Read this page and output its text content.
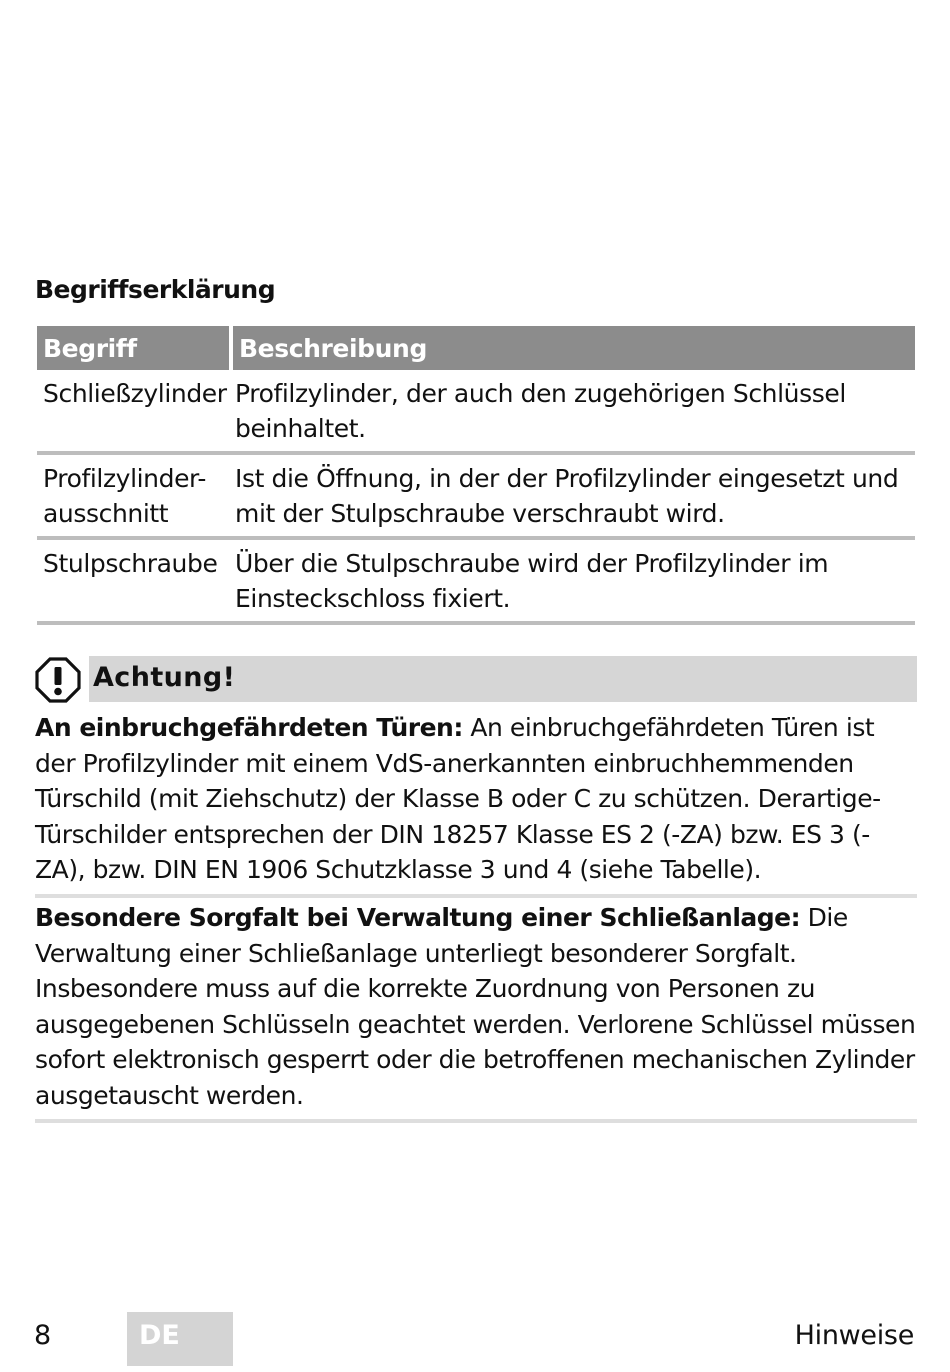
Begriffserklärung
Begriff	Beschreibung
Schließzylinder	Profilzylinder, der auch den zugehörigen Schlüssel beinhaltet.
Profilzylinder-ausschnitt	Ist die Öffnung, in der der Profilzylinder eingesetzt und mit der Stulpschraube verschraubt wird.
Stulpschraube	Über die Stulpschraube wird der Profilzylinder im Einsteckschloss fixiert.
Achtung!

An einbruchgefährdeten Türen: An einbruchgefährdeten Türen ist der Profilzylinder mit einem VdS-anerkannten einbruchhemmenden Türschild (mit Ziehschutz) der Klasse B oder C zu schützen. Derartige-Türschilder entsprechen der DIN 18257 Klasse ES 2 (-ZA) bzw. ES 3 (-ZA), bzw. DIN EN 1906 Schutzklasse 3 und 4 (siehe Tabelle).

Besondere Sorgfalt bei Verwaltung einer Schließanlage: Die Verwaltung einer Schließanlage unterliegt besonderer Sorgfalt. Insbesondere muss auf die korrekte Zuordnung von Personen zu ausgegebenen Schlüsseln geachtet werden. Verlorene Schlüssel müssen sofort elektronisch gesperrt oder die betroffenen mechanischen Zylinder ausgetauscht werden.

8	DE	Hinweise
